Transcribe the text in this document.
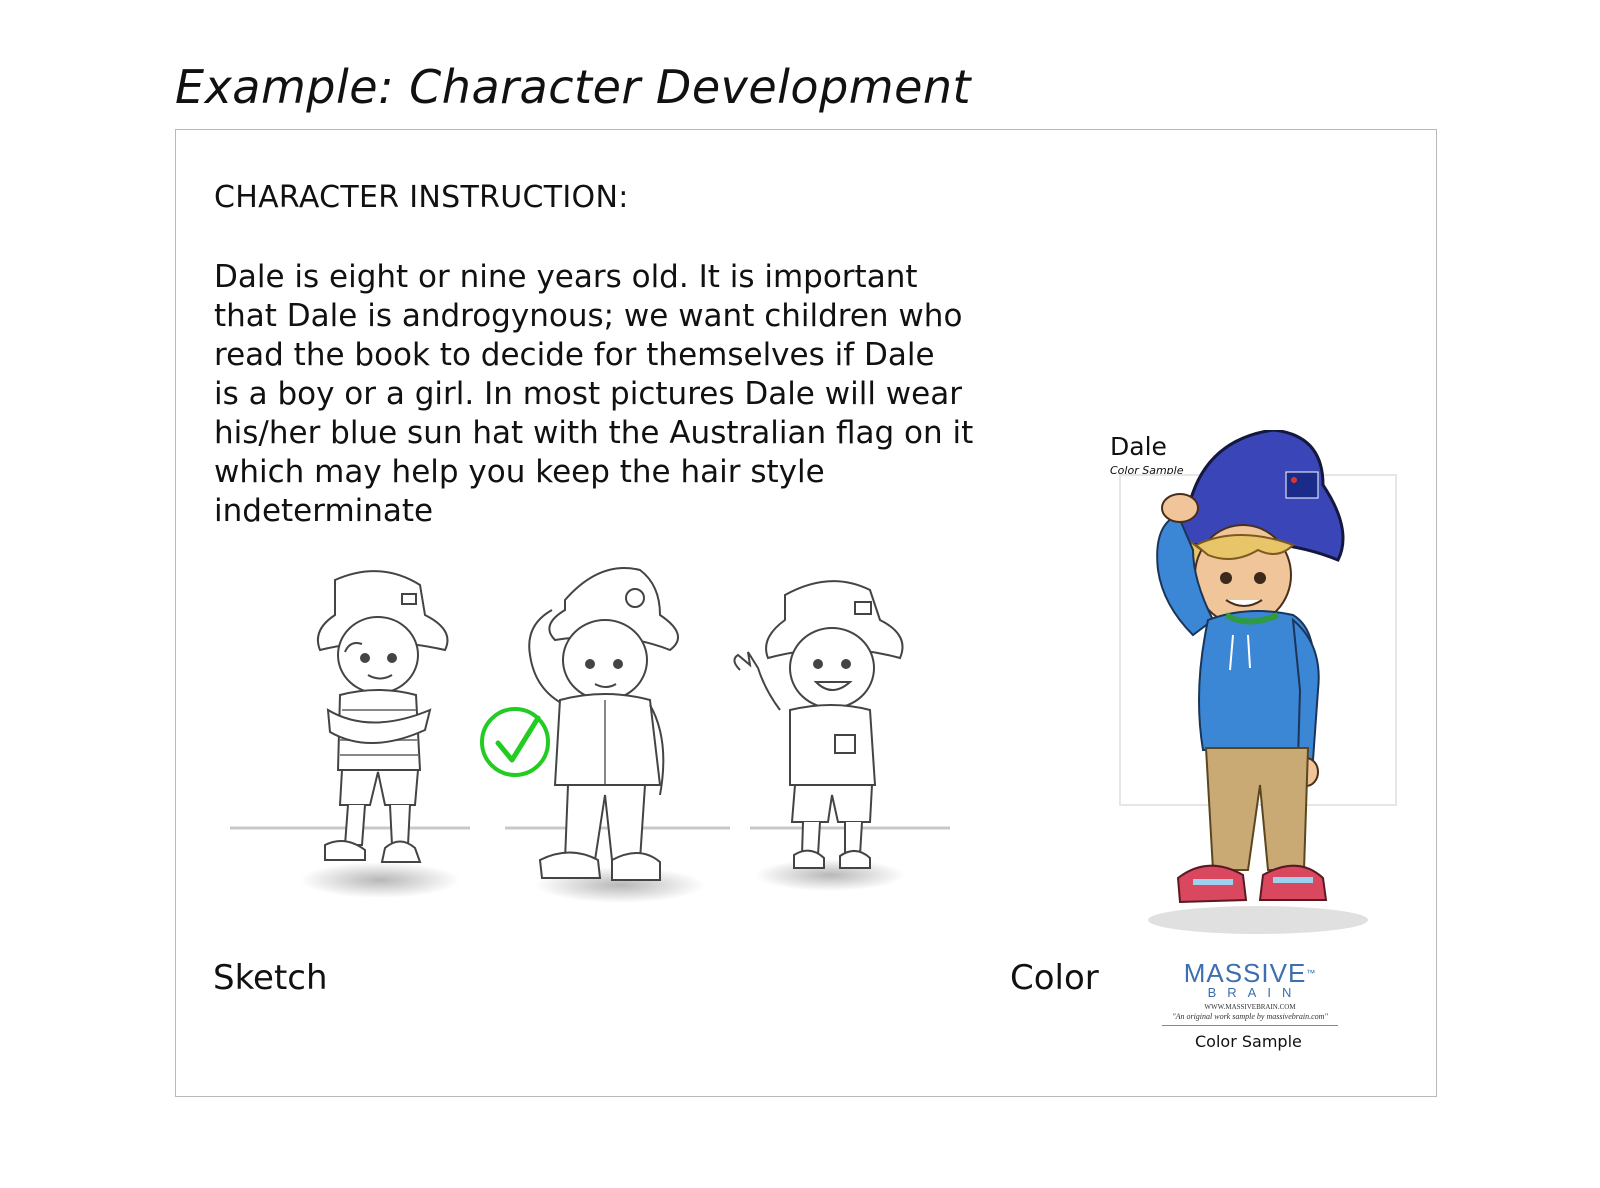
Example: Character Development
CHARACTER INSTRUCTION:
Dale is eight or nine years old. It is important
that Dale is androgynous; we want children who
read the book to decide for themselves if Dale
is a boy or a girl. In most pictures Dale will wear
his/her blue sun hat with the Australian flag on it
which may help you keep the hair style
indeterminate
Sketch	Color
Dale
Color Sample
MASSIVE™
BRAIN
WWW.MASSIVEBRAIN.COM
"An original work sample by massivebrain.com"
Color Sample
